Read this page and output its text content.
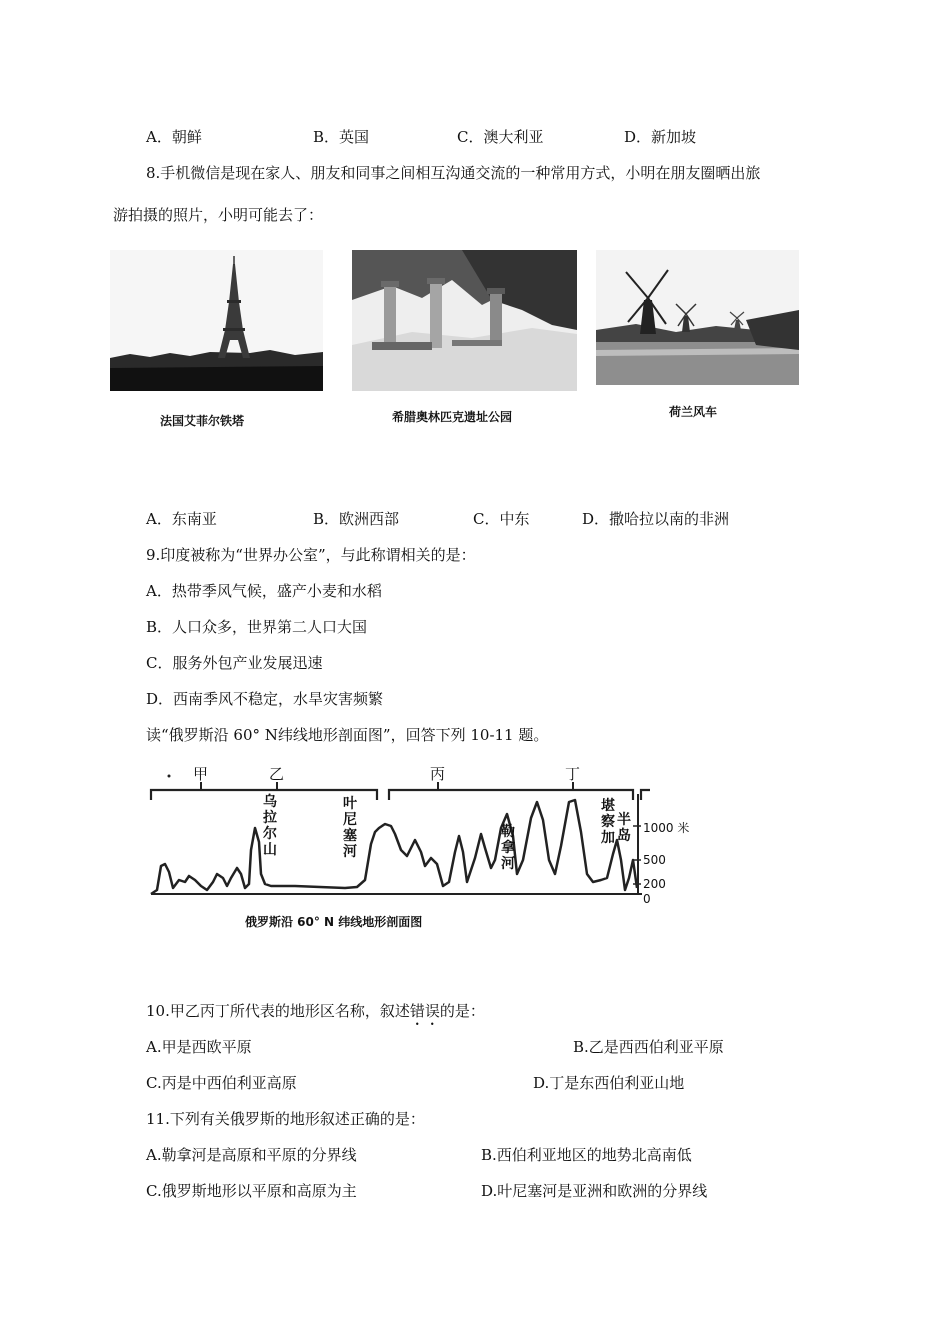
A．朝鲜	B．英国	C．澳大利亚	D．新加坡
8.手机微信是现在家人、朋友和同事之间相互沟通交流的一种常用方式，小明在朋友圈晒出旅
游拍摄的照片，小明可能去了：
法国艾菲尔铁塔	希腊奥林匹克遗址公园	荷兰风车
A．东南亚	B．欧洲西部	C．中东	D．撒哈拉以南的非洲
9.印度被称为“世界办公室”，与此称谓相关的是：
A．热带季风气候，盛产小麦和水稻
B．人口众多，世界第二人口大国
C．服务外包产业发展迅速
D．西南季风不稳定，水旱灾害频繁
读“俄罗斯沿 60° N纬线地形剖面图”，回答下列 10-11 题。
甲	乙	丙	丁
1000 米
500
200
0
乌
拉
尔
山
叶
尼
塞
河
勒
拿
河
堪
察
加
半
岛
俄罗斯沿 60° N 纬线地形剖面图
10.甲乙丙丁所代表的地形区名称，叙述错误的是：
A.甲是西欧平原	B.乙是西西伯利亚平原
C.丙是中西伯利亚高原	D.丁是东西伯利亚山地
11.下列有关俄罗斯的地形叙述正确的是：
A.勒拿河是高原和平原的分界线	B.西伯利亚地区的地势北高南低
C.俄罗斯地形以平原和高原为主	D.叶尼塞河是亚洲和欧洲的分界线
